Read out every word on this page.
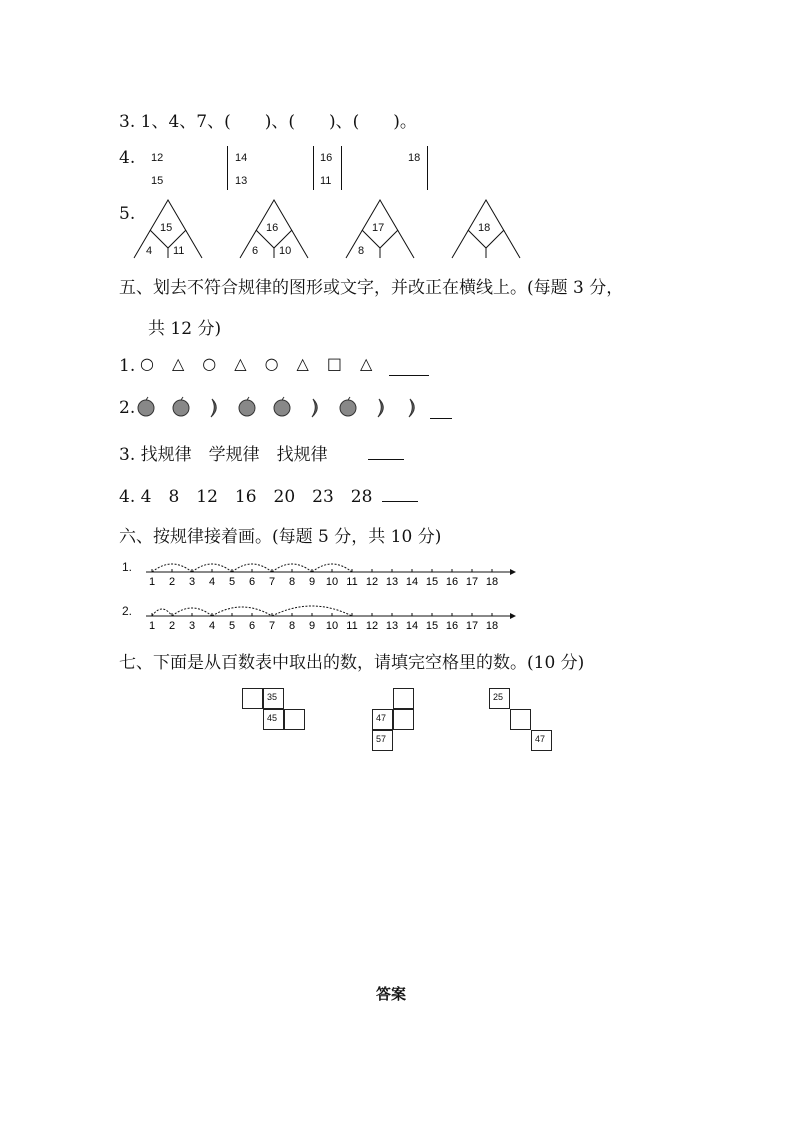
3. 1、4、7、(　　)、(　　)、(　　)。
4. 12
15
14
13
16
11
18
5.
15
4 11
16
6 10
17
8
18
五、划去不符合规律的图形或文字，并改正在横线上。(每题 3 分，
共 12 分)
1. ○ △ ○ △ ○ △ □ △
2.
3. 找规律　学规律　找规律
4. 4　8　12　16　20　23　28
六、按规律接着画。(每题 5 分，共 10 分)
1.
1 2 3 4 5 6 7 8 9 10 11 12 13 14 15 16 17 18
2.
1 2 3 4 5 6 7 8 9 10 11 12 13 14 15 16 17 18
七、下面是从百数表中取出的数，请填完空格里的数。(10 分)
35
45	47
57
25
47
答案
